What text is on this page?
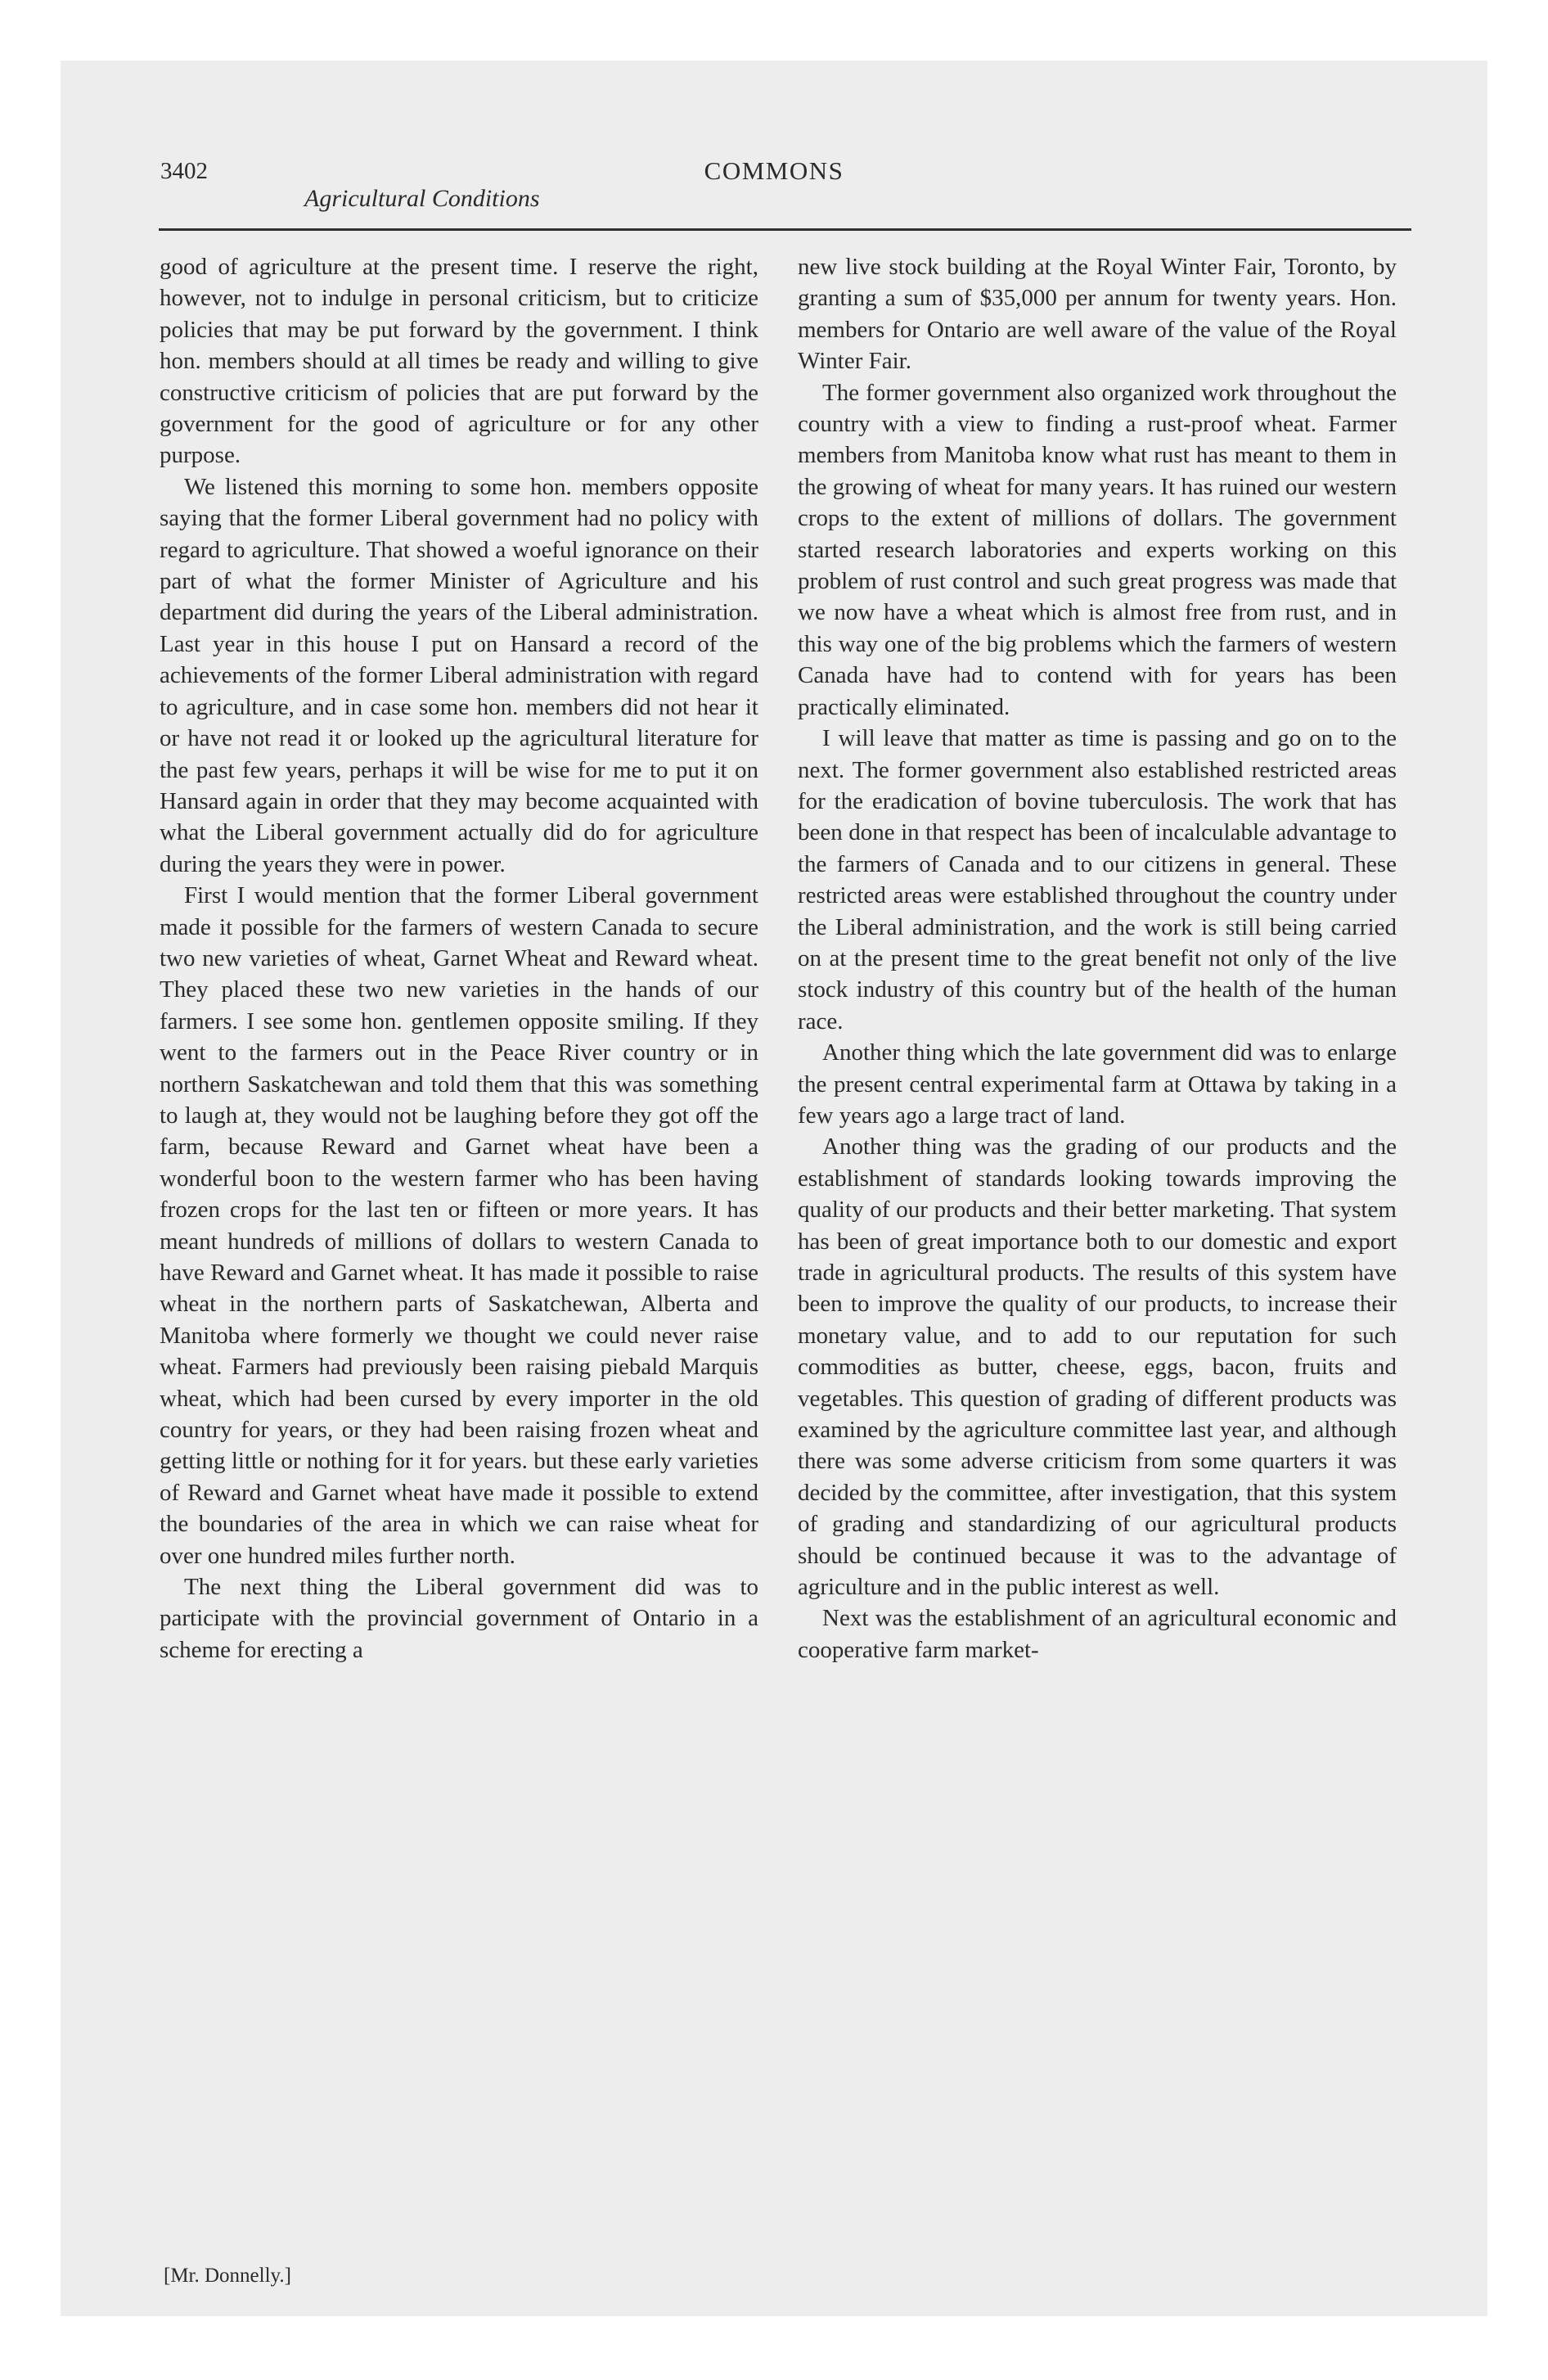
3402	COMMONS
Agricultural Conditions

good of agriculture at the present time. I reserve the right, however, not to indulge in personal criticism, but to criticize policies that may be put forward by the government. I think hon. members should at all times be ready and willing to give constructive criticism of policies that are put forward by the government for the good of agriculture or for any other purpose.

We listened this morning to some hon. members opposite saying that the former Liberal government had no policy with regard to agriculture. That showed a woeful ignorance on their part of what the former Minister of Agriculture and his department did during the years of the Liberal administration. Last year in this house I put on Hansard a record of the achievements of the former Liberal administration with regard to agriculture, and in case some hon. members did not hear it or have not read it or looked up the agricultural literature for the past few years, perhaps it will be wise for me to put it on Hansard again in order that they may become acquainted with what the Liberal government actually did do for agriculture during the years they were in power.

First I would mention that the former Liberal government made it possible for the farmers of western Canada to secure two new varieties of wheat, Garnet Wheat and Reward wheat. They placed these two new varieties in the hands of our farmers. I see some hon. gentlemen opposite smiling. If they went to the farmers out in the Peace River country or in northern Saskatchewan and told them that this was something to laugh at, they would not be laughing before they got off the farm, because Reward and Garnet wheat have been a wonderful boon to the western farmer who has been having frozen crops for the last ten or fifteen or more years. It has meant hundreds of millions of dollars to western Canada to have Reward and Garnet wheat. It has made it possible to raise wheat in the northern parts of Saskatchewan, Alberta and Manitoba where formerly we thought we could never raise wheat. Farmers had previously been raising piebald Marquis wheat, which had been cursed by every importer in the old country for years, or they had been raising frozen wheat and getting little or nothing for it for years. but these early varieties of Reward and Garnet wheat have made it possible to extend the boundaries of the area in which we can raise wheat for over one hundred miles further north.

The next thing the Liberal government did was to participate with the provincial government of Ontario in a scheme for erecting a

new live stock building at the Royal Winter Fair, Toronto, by granting a sum of $35,000 per annum for twenty years. Hon. members for Ontario are well aware of the value of the Royal Winter Fair.

The former government also organized work throughout the country with a view to finding a rust-proof wheat. Farmer members from Manitoba know what rust has meant to them in the growing of wheat for many years. It has ruined our western crops to the extent of millions of dollars. The government started research laboratories and experts working on this problem of rust control and such great progress was made that we now have a wheat which is almost free from rust, and in this way one of the big problems which the farmers of western Canada have had to contend with for years has been practically eliminated.

I will leave that matter as time is passing and go on to the next. The former government also established restricted areas for the eradication of bovine tuberculosis. The work that has been done in that respect has been of incalculable advantage to the farmers of Canada and to our citizens in general. These restricted areas were established throughout the country under the Liberal administration, and the work is still being carried on at the present time to the great benefit not only of the live stock industry of this country but of the health of the human race.

Another thing which the late government did was to enlarge the present central experimental farm at Ottawa by taking in a few years ago a large tract of land.

Another thing was the grading of our products and the establishment of standards looking towards improving the quality of our products and their better marketing. That system has been of great importance both to our domestic and export trade in agricultural products. The results of this system have been to improve the quality of our products, to increase their monetary value, and to add to our reputation for such commodities as butter, cheese, eggs, bacon, fruits and vegetables. This question of grading of different products was examined by the agriculture committee last year, and although there was some adverse criticism from some quarters it was decided by the committee, after investigation, that this system of grading and standardizing of our agricultural products should be continued because it was to the advantage of agriculture and in the public interest as well.

Next was the establishment of an agricultural economic and cooperative farm market-

[Mr. Donnelly.]
